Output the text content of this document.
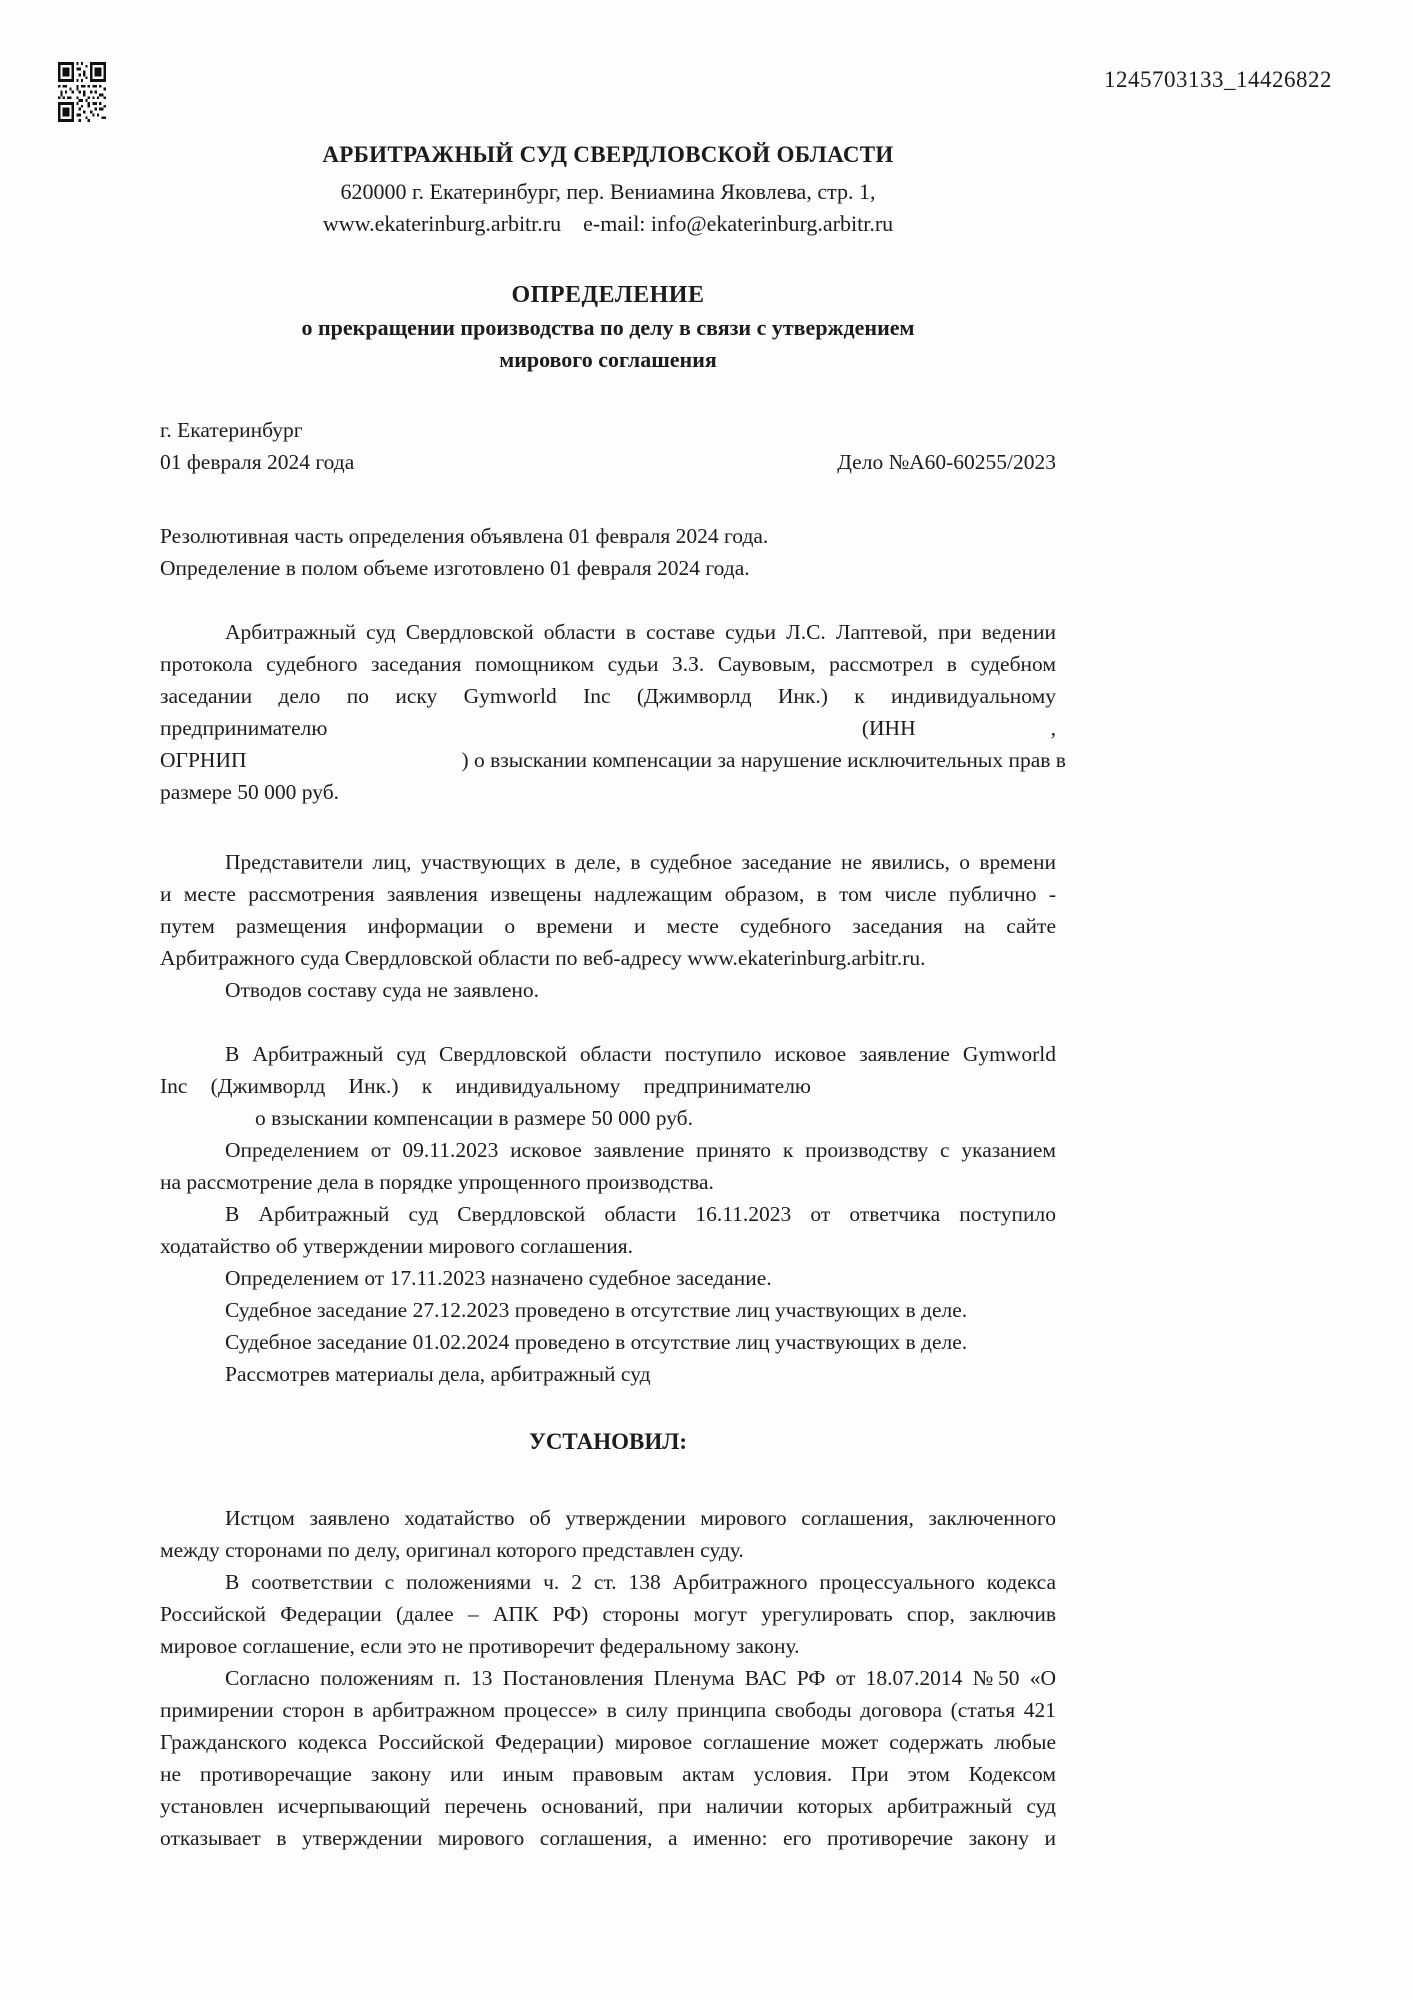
1245703133_14426822
АРБИТРАЖНЫЙ СУД СВЕРДЛОВСКОЙ ОБЛАСТИ
620000 г. Екатеринбург, пер. Вениамина Яковлева, стр. 1,
www.ekaterinburg.arbitr.ru e-mail: info@ekaterinburg.arbitr.ru
ОПРЕДЕЛЕНИЕ
о прекращении производства по делу в связи с утверждением
мирового соглашения
г. Екатеринбург
01 февраля 2024 года	Дело №А60-60255/2023
Резолютивная часть определения объявлена 01 февраля 2024 года.
Определение в полом объеме изготовлено 01 февраля 2024 года.
Арбитражный суд Свердловской области в составе судьи Л.С. Лаптевой, при ведении
протокола судебного заседания помощником судьи З.З. Саувовым, рассмотрел в судебном
заседании дело по иску Gymworld Inc (Джимворлд Инк.) к индивидуальному
предпринимателю	(ИНН	,
ОГРНИП	) о взыскании компенсации за нарушение исключительных прав в
размере 50 000 руб.
Представители лиц, участвующих в деле, в судебное заседание не явились, о времени
и месте рассмотрения заявления извещены надлежащим образом, в том числе публично -
путем размещения информации о времени и месте судебного заседания на сайте
Арбитражного суда Свердловской области по веб-адресу www.ekaterinburg.arbitr.ru.
Отводов составу суда не заявлено.
В Арбитражный суд Свердловской области поступило исковое заявление Gymworld
Inc (Джимворлд Инк.) к индивидуальному предпринимателю
о взыскании компенсации в размере 50 000 руб.
Определением от 09.11.2023 исковое заявление принято к производству с указанием
на рассмотрение дела в порядке упрощенного производства.
В Арбитражный суд Свердловской области 16.11.2023 от ответчика поступило
ходатайство об утверждении мирового соглашения.
Определением от 17.11.2023 назначено судебное заседание.
Судебное заседание 27.12.2023 проведено в отсутствие лиц участвующих в деле.
Судебное заседание 01.02.2024 проведено в отсутствие лиц участвующих в деле.
Рассмотрев материалы дела, арбитражный суд
УСТАНОВИЛ:
Истцом заявлено ходатайство об утверждении мирового соглашения, заключенного
между сторонами по делу, оригинал которого представлен суду.
В соответствии с положениями ч. 2 ст. 138 Арбитражного процессуального кодекса
Российской Федерации (далее – АПК РФ) стороны могут урегулировать спор, заключив
мировое соглашение, если это не противоречит федеральному закону.
Согласно положениям п. 13 Постановления Пленума ВАС РФ от 18.07.2014 №50 «О
примирении сторон в арбитражном процессе» в силу принципа свободы договора (статья 421
Гражданского кодекса Российской Федерации) мировое соглашение может содержать любые
не противоречащие закону или иным правовым актам условия. При этом Кодексом
установлен исчерпывающий перечень оснований, при наличии которых арбитражный суд
отказывает в утверждении мирового соглашения, а именно: его противоречие закону и
